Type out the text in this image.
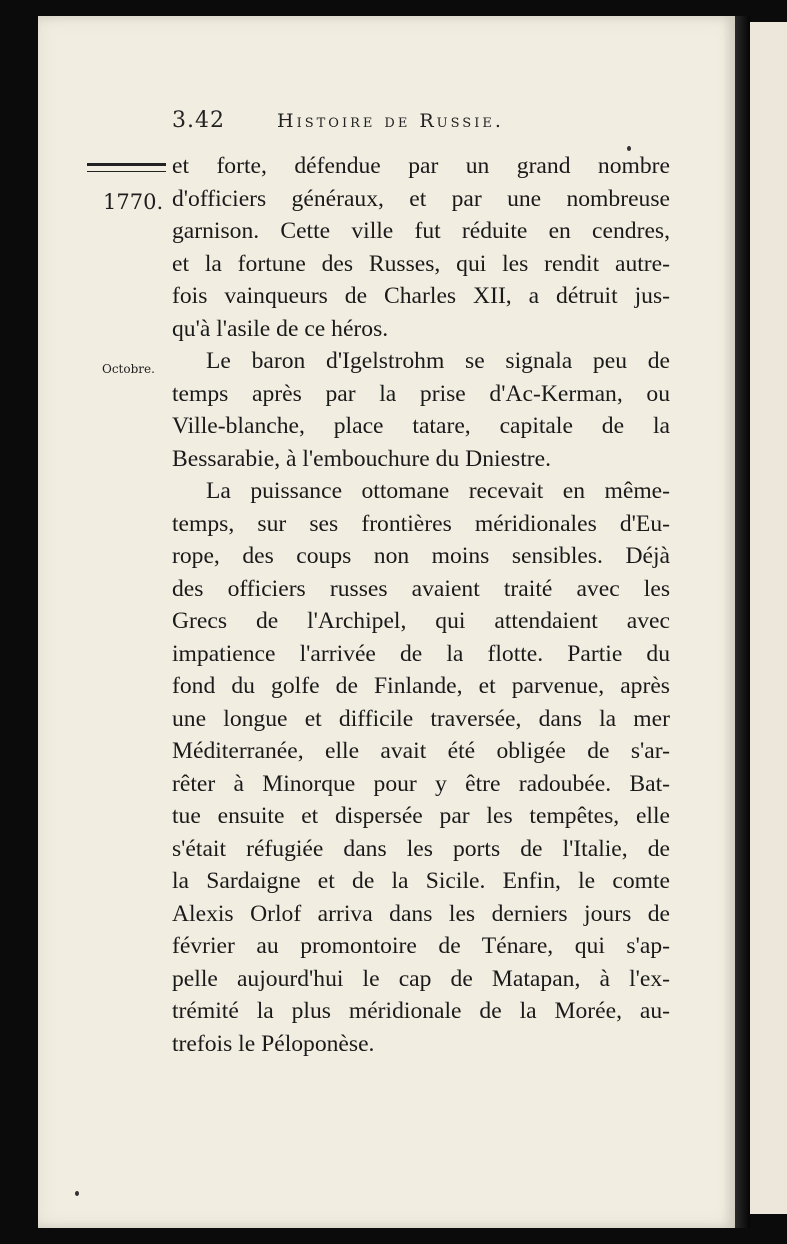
3.42	Histoire de Russie.
1770.
Octobre.
et forte, défendue par un grand nombre
d'officiers généraux, et par une nombreuse
garnison. Cette ville fut réduite en cendres,
et la fortune des Russes, qui les rendit autre-
fois vainqueurs de Charles XII, a détruit jus-
qu'à l'asile de ce héros.
Le baron d'Igelstrohm se signala peu de
temps après par la prise d'Ac-Kerman, ou
Ville-blanche, place tatare, capitale de la
Bessarabie, à l'embouchure du Dniestre.
La puissance ottomane recevait en même-
temps, sur ses frontières méridionales d'Eu-
rope, des coups non moins sensibles. Déjà
des officiers russes avaient traité avec les
Grecs de l'Archipel, qui attendaient avec
impatience l'arrivée de la flotte. Partie du
fond du golfe de Finlande, et parvenue, après
une longue et difficile traversée, dans la mer
Méditerranée, elle avait été obligée de s'ar-
rêter à Minorque pour y être radoubée. Bat-
tue ensuite et dispersée par les tempêtes, elle
s'était réfugiée dans les ports de l'Italie, de
la Sardaigne et de la Sicile. Enfin, le comte
Alexis Orlof arriva dans les derniers jours de
février au promontoire de Ténare, qui s'ap-
pelle aujourd'hui le cap de Matapan, à l'ex-
trémité la plus méridionale de la Morée, au-
trefois le Péloponèse.
